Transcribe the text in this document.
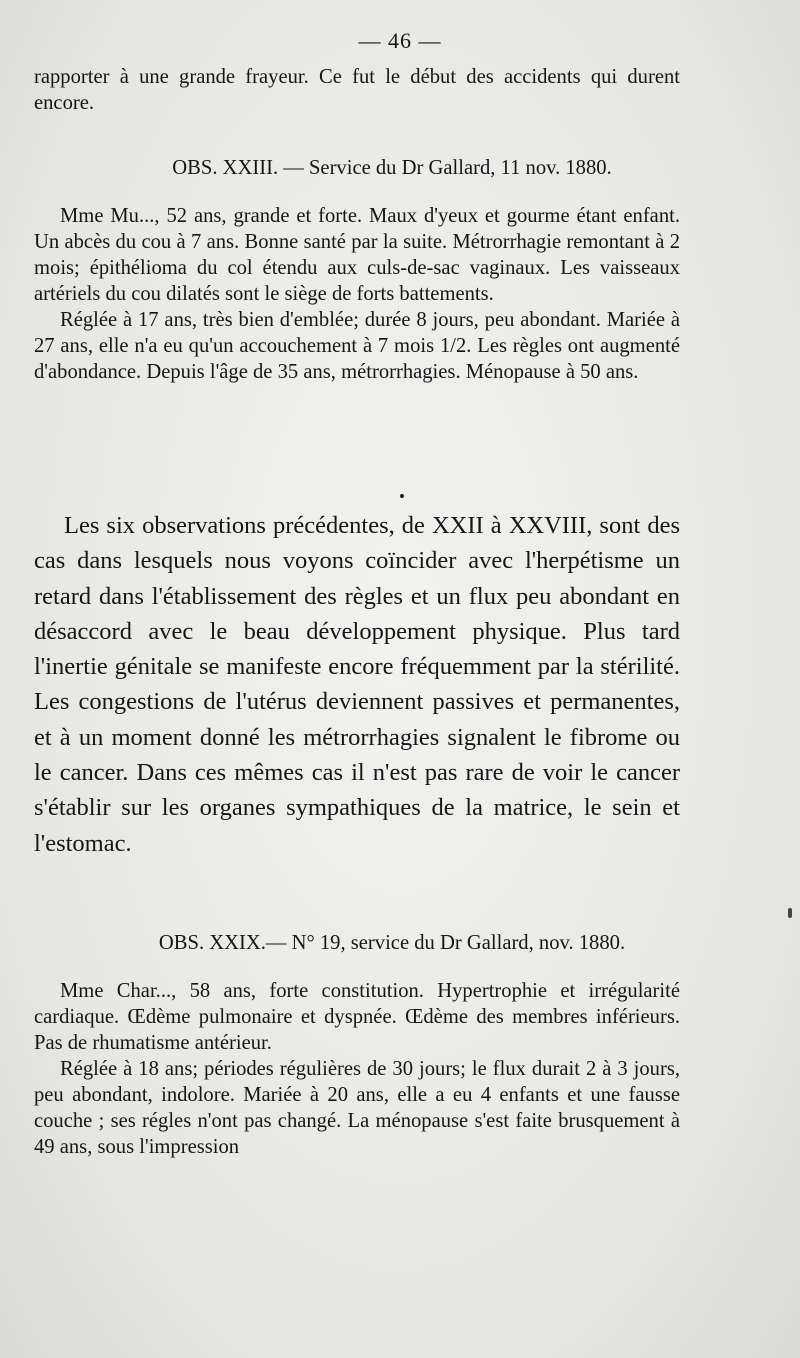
— 46 —

rapporter à une grande frayeur. Ce fut le début des accidents qui durent encore.

OBS. XXIII. — Service du Dr Gallard, 11 nov. 1880.

Mme Mu..., 52 ans, grande et forte. Maux d'yeux et gourme étant enfant. Un abcès du cou à 7 ans. Bonne santé par la suite. Métrorrhagie remontant à 2 mois; épithélioma du col étendu aux culs-de-sac vaginaux. Les vaisseaux artériels du cou dilatés sont le siège de forts battements.

Réglée à 17 ans, très bien d'emblée; durée 8 jours, peu abondant. Mariée à 27 ans, elle n'a eu qu'un accouchement à 7 mois 1/2. Les règles ont augmenté d'abondance. Depuis l'âge de 35 ans, métrorrhagies. Ménopause à 50 ans.

Les six observations précédentes, de XXII à XXVIII, sont des cas dans lesquels nous voyons coïncider avec l'herpétisme un retard dans l'établissement des règles et un flux peu abondant en désaccord avec le beau développement physique. Plus tard l'inertie génitale se manifeste encore fréquemment par la stérilité. Les congestions de l'utérus deviennent passives et permanentes, et à un moment donné les métrorrhagies signalent le fibrome ou le cancer. Dans ces mêmes cas il n'est pas rare de voir le cancer s'établir sur les organes sympathiques de la matrice, le sein et l'estomac.

OBS. XXIX.— N° 19, service du Dr Gallard, nov. 1880.

Mme Char..., 58 ans, forte constitution. Hypertrophie et irrégularité cardiaque. Œdème pulmonaire et dyspnée. Œdème des membres inférieurs. Pas de rhumatisme antérieur.

Réglée à 18 ans; périodes régulières de 30 jours; le flux durait 2 à 3 jours, peu abondant, indolore. Mariée à 20 ans, elle a eu 4 enfants et une fausse couche ; ses régles n'ont pas changé. La ménopause s'est faite brusquement à 49 ans, sous l'impression
